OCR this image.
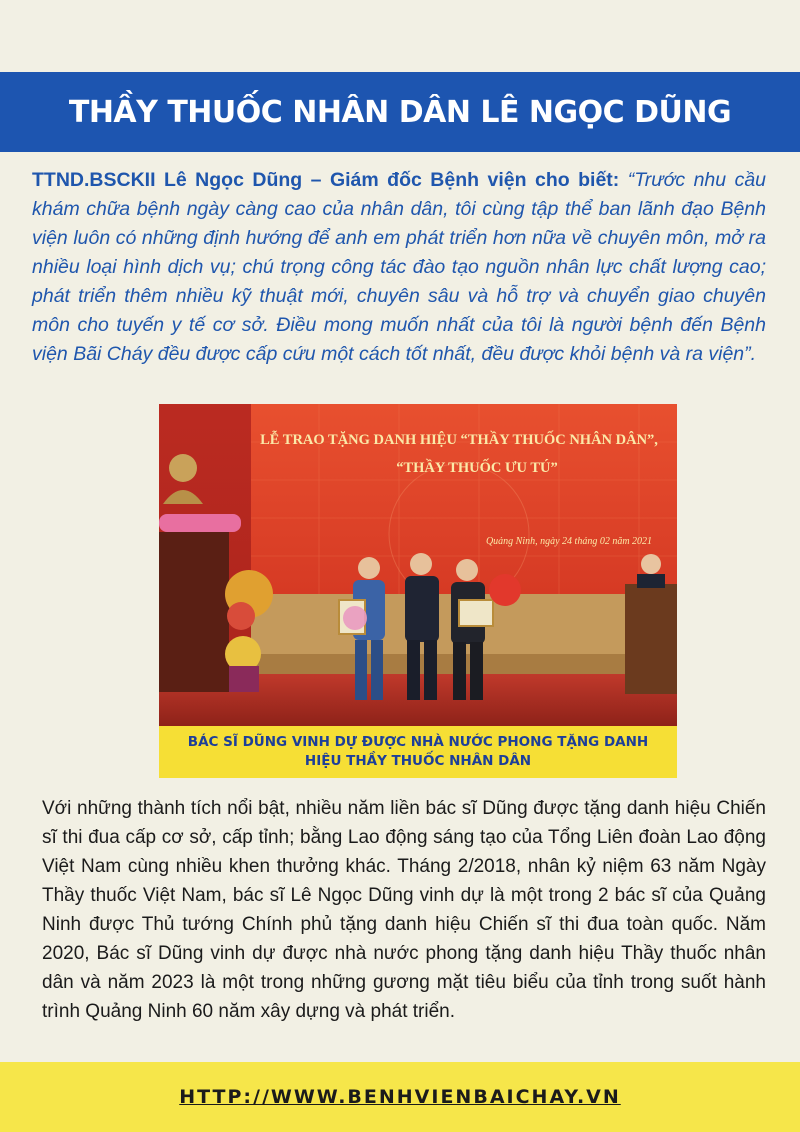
THẦY THUỐC NHÂN DÂN LÊ NGỌC DŨNG

TTND.BSCKII Lê Ngọc Dũng – Giám đốc Bệnh viện cho biết: “Trước nhu cầu khám chữa bệnh ngày càng cao của nhân dân, tôi cùng tập thể ban lãnh đạo Bệnh viện luôn có những định hướng để anh em phát triển hơn nữa về chuyên môn, mở ra nhiều loại hình dịch vụ; chú trọng công tác đào tạo nguồn nhân lực chất lượng cao; phát triển thêm nhiều kỹ thuật mới, chuyên sâu và hỗ trợ và chuyển giao chuyên môn cho tuyến y tế cơ sở. Điều mong muốn nhất của tôi là người bệnh đến Bệnh viện Bãi Cháy đều được cấp cứu một cách tốt nhất, đều được khỏi bệnh và ra viện”.

LỄ TRAO TẶNG DANH HIỆU “THẦY THUỐC NHÂN DÂN”,
“THẦY THUỐC ƯU TÚ”
Quảng Ninh, ngày 24 tháng 02 năm 2021
BÁC SĨ DŨNG VINH DỰ ĐƯỢC NHÀ NƯỚC PHONG TẶNG DANH HIỆU THẦY THUỐC NHÂN DÂN

Với những thành tích nổi bật, nhiều năm liền bác sĩ Dũng được tặng danh hiệu Chiến sĩ thi đua cấp cơ sở, cấp tỉnh; bằng Lao động sáng tạo của Tổng Liên đoàn Lao động Việt Nam cùng nhiều khen thưởng khác. Tháng 2/2018, nhân kỷ niệm 63 năm Ngày Thầy thuốc Việt Nam, bác sĩ Lê Ngọc Dũng vinh dự là một trong 2 bác sĩ của Quảng Ninh được Thủ tướng Chính phủ tặng danh hiệu Chiến sĩ thi đua toàn quốc. Năm 2020, Bác sĩ Dũng vinh dự được nhà nước phong tặng danh hiệu Thầy thuốc nhân dân và năm 2023 là một trong những gương mặt tiêu biểu của tỉnh trong suốt hành trình Quảng Ninh 60 năm xây dựng và phát triển.

HTTP://WWW.BENHVIENBAICHAY.VN
